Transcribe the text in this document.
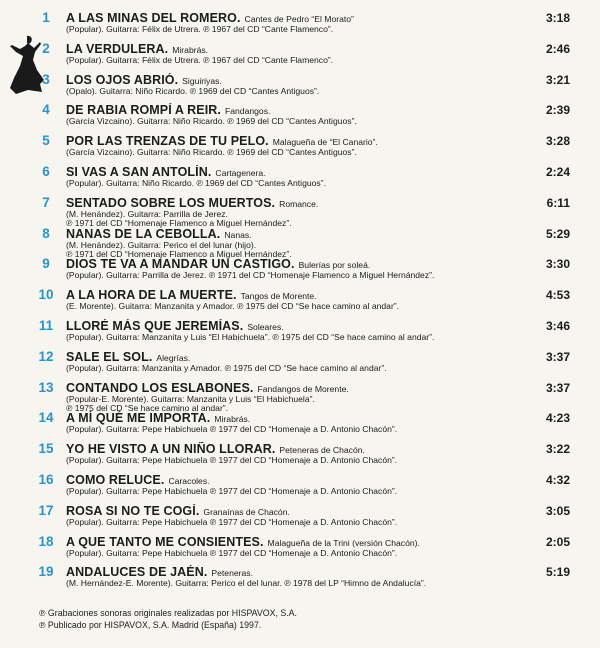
1	A LAS MINAS DEL ROMERO. Cantes de Pedro “El Morato”
(Popular). Guitarra: Félix de Utrera. ℗ 1967 del CD “Cante Flamenco”.
3:18
2	LA VERDULERA. Mirabrás.
(Popular). Guitarra: Félix de Utrera. ℗ 1967 del CD “Cante Flamenco”.
2:46
3	LOS OJOS ABRIÓ. Siguiriyas.
(Opalo). Guitarra: Niño Ricardo. ℗ 1969 del CD “Cantes Antiguos”.
3:21
4	DE RABIA ROMPÍ A REIR. Fandangos.
(García Vizcaino). Guitarra: Niño Ricardo. ℗ 1969 del CD “Cantes Antiguos”.
2:39
5	POR LAS TRENZAS DE TU PELO. Malagueña de “El Canario”.
(García Vizcaino). Guitarra: Niño Ricardo. ℗ 1969 del CD “Cantes Antiguos”.
3:28
6	SI VAS A SAN ANTOLÍN. Cartagenera.
(Popular). Guitarra: Niño Ricardo. ℗ 1969 del CD “Cantes Antiguos”.
2:24
7	SENTADO SOBRE LOS MUERTOS. Romance.
(M. Henández). Guitarra: Parrilla de Jerez.
℗ 1971 del CD “Homenaje Flamenco a Miguel Hernández”.
6:11
8	NANAS DE LA CEBOLLA. Nanas.
(M. Henández). Guitarra: Perico el del lunar (hijo).
℗ 1971 del CD “Homenaje Flamenco a Miguel Hernández”.
5:29
9	DIOS TE VA A MANDAR UN CASTIGO. Bulerías por soleá.
(Popular). Guitarra: Parrilla de Jerez. ℗ 1971 del CD “Homenaje Flamenco a Miguel Hernández”.
3:30
10 A LA HORA DE LA MUERTE. Tangos de Morente.
(E. Morente). Guitarra: Manzanita y Amador. ℗ 1975 del CD “Se hace camino al andar”.
4:53
11	LLORÉ MÁS QUE JEREMÍAS. Soleares.
(Popular). Guitarra: Manzanita y Luis “El Habichuela”. ℗ 1975 del CD “Se hace camino al andar”.
3:46
12 SALE EL SOL. Alegrías.
(Popular). Guitarra: Manzanita y Amador. ℗ 1975 del CD “Se hace camino al andar”.
3:37
13 CONTANDO LOS ESLABONES. Fandangos de Morente.
(Popular-E. Morente). Guitarra: Manzanita y Luis “El Habichuela”.
℗ 1975 del CD “Se hace camino al andar”.
3:37
14 A MÍ QUÉ ME IMPORTA. Mirabrás.
(Popular). Guitarra: Pepe Habichuela ℗ 1977 del CD “Homenaje a D. Antonio Chacón”.
4:23
15 YO HE VISTO A UN NIÑO LLORAR. Peteneras de Chacón.
(Popular). Guitarra: Pepe Habichuela ℗ 1977 del CD “Homenaje a D. Antonio Chacón”.
3:22
16 COMO RELUCE. Caracoles.
(Popular). Guitarra: Pepe Habichuela ℗ 1977 del CD “Homenaje a D. Antonio Chacón”.
4:32
17 ROSA SI NO TE COGÍ. Granaínas de Chacón.
(Popular). Guitarra: Pepe Habichuela ℗ 1977 del CD “Homenaje a D. Antonio Chacón”.
3:05
18 A QUE TANTO ME CONSIENTES. Malagueña de la Trini (versión Chacón).
(Popular). Guitarra: Pepe Habichuela ℗ 1977 del CD “Homenaje a D. Antonio Chacón”.
2:05
19 ANDALUCES DE JAÉN. Peteneras.
(M. Hernández-E. Morente). Guitarra: Perico el del lunar. ℗ 1978 del LP “Himno de Andalucía”.
5:19
℗ Grabaciones sonoras originales realizadas por HISPAVOX, S.A.
℗ Publicado por HISPAVOX, S.A. Madrid (España) 1997.
